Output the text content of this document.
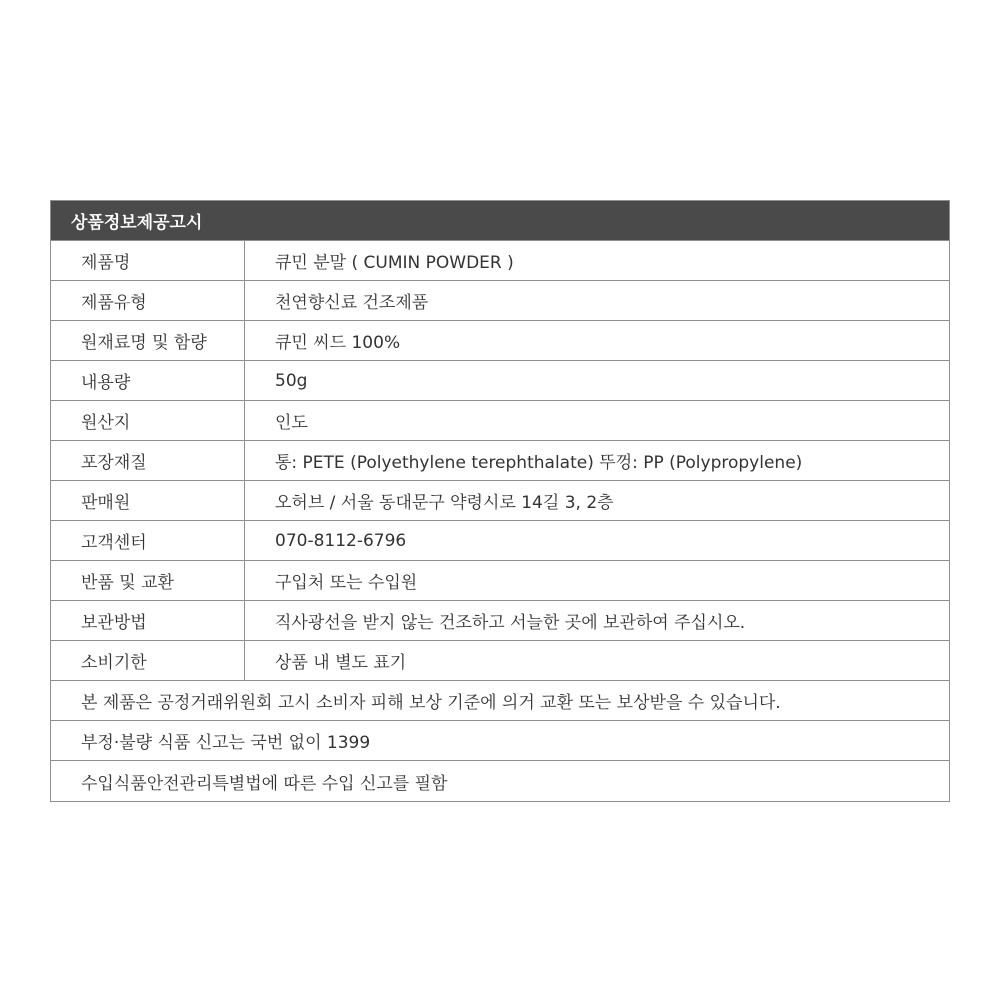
상품정보제공고시
제품명	큐민 분말 ( CUMIN POWDER )
제품유형	천연향신료 건조제품
원재료명 및 함량	큐민 씨드 100%
내용량	50g
원산지	인도
포장재질	통: PETE (Polyethylene terephthalate) 뚜껑: PP (Polypropylene)
판매원	오허브 / 서울 동대문구 약령시로 14길 3, 2층
고객센터	070-8112-6796
반품 및 교환	구입처 또는 수입원
보관방법	직사광선을 받지 않는 건조하고 서늘한 곳에 보관하여 주십시오.
소비기한	상품 내 별도 표기
본 제품은 공정거래위원회 고시 소비자 피해 보상 기준에 의거 교환 또는 보상받을 수 있습니다.
부정·불량 식품 신고는 국번 없이 1399
수입식품안전관리특별법에 따른 수입 신고를 필함
